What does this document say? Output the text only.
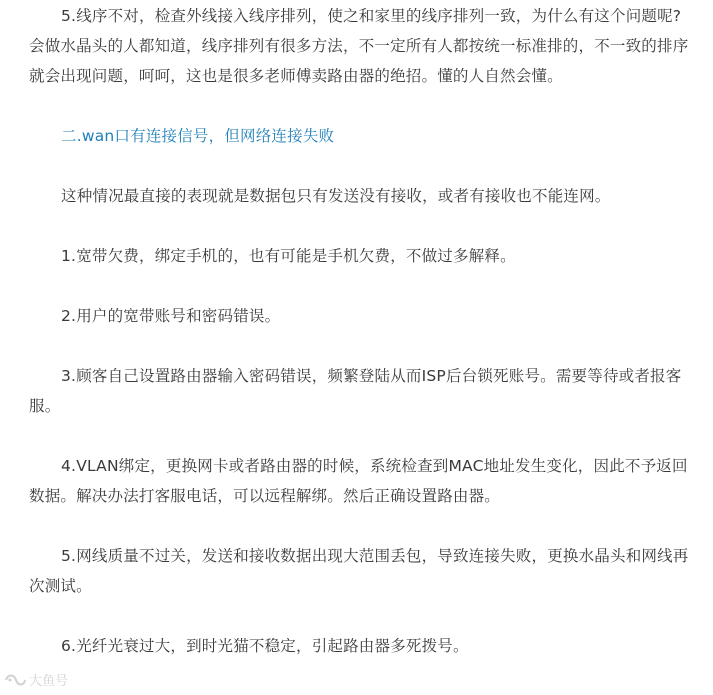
5.线序不对，检查外线接入线序排列，使之和家里的线序排列一致，为什么有这个问题呢?会做水晶头的人都知道，线序排列有很多方法，不一定所有人都按统一标准排的，不一致的排序就会出现问题，呵呵，这也是很多老师傅卖路由器的绝招。懂的人自然会懂。

二.wan口有连接信号，但网络连接失败

这种情况最直接的表现就是数据包只有发送没有接收，或者有接收也不能连网。

1.宽带欠费，绑定手机的，也有可能是手机欠费，不做过多解释。

2.用户的宽带账号和密码错误。

3.顾客自己设置路由器输入密码错误，频繁登陆从而ISP后台锁死账号。需要等待或者报客服。

4.VLAN绑定，更换网卡或者路由器的时候，系统检查到MAC地址发生变化，因此不予返回数据。解决办法打客服电话，可以远程解绑。然后正确设置路由器。

5.网线质量不过关，发送和接收数据出现大范围丢包，导致连接失败，更换水晶头和网线再次测试。

6.光纤光衰过大，到时光猫不稳定，引起路由器多死拨号。

大鱼号
